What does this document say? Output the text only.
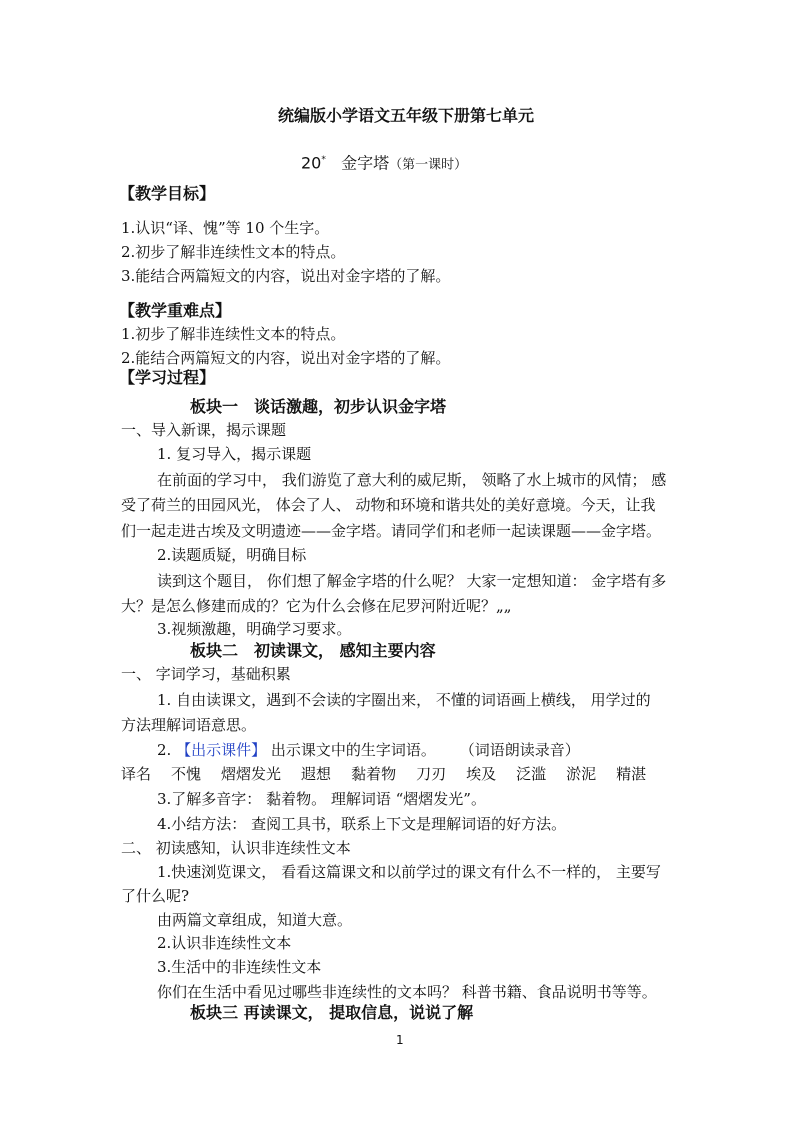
统编版小学语文五年级下册第七单元
20* 金字塔（第一课时）
【教学目标】
1.认识“译、愧”等 10 个生字。
2.初步了解非连续性文本的特点。
3.能结合两篇短文的内容，说出对金字塔的了解。
【教学重难点】
1.初步了解非连续性文本的特点。
2.能结合两篇短文的内容，说出对金字塔的了解。
【学习过程】
板块一　谈话激趣，初步认识金字塔
一、导入新课，揭示课题
1. 复习导入，揭示课题
在前面的学习中， 我们游览了意大利的威尼斯， 领略了水上城市的风情； 感
受了荷兰的田园风光， 体会了人、 动物和环境和谐共处的美好意境。今天，让我
们一起走进古埃及文明遗迹——金字塔。请同学们和老师一起读课题——金字塔。
2.读题质疑，明确目标
读到这个题目， 你们想了解金字塔的什么呢？ 大家一定想知道： 金字塔有多
大？是怎么修建而成的？它为什么会修在尼罗河附近呢？„„
3.视频激趣，明确学习要求。
板块二　初读课文， 感知主要内容
一、 字词学习，基础积累
1. 自由读课文，遇到不会读的字圈出来， 不懂的词语画上横线， 用学过的
方法理解词语意思。
2. 【出示课件】 出示课文中的生字词语。 （词语朗读录音）
译名 不愧 熠熠发光 遐想 黏着物 刀刃 埃及 泛滥 淤泥 精湛
3.了解多音字： 黏着物。 理解词语 “熠熠发光”。
4.小结方法： 查阅工具书，联系上下文是理解词语的好方法。
二、 初读感知，认识非连续性文本
1.快速浏览课文， 看看这篇课文和以前学过的课文有什么不一样的， 主要写
了什么呢?
由两篇文章组成，知道大意。
2.认识非连续性文本
3.生活中的非连续性文本
你们在生活中看见过哪些非连续性的文本吗？ 科普书籍、食品说明书等等。
板块三 再读课文， 提取信息，说说了解
1
